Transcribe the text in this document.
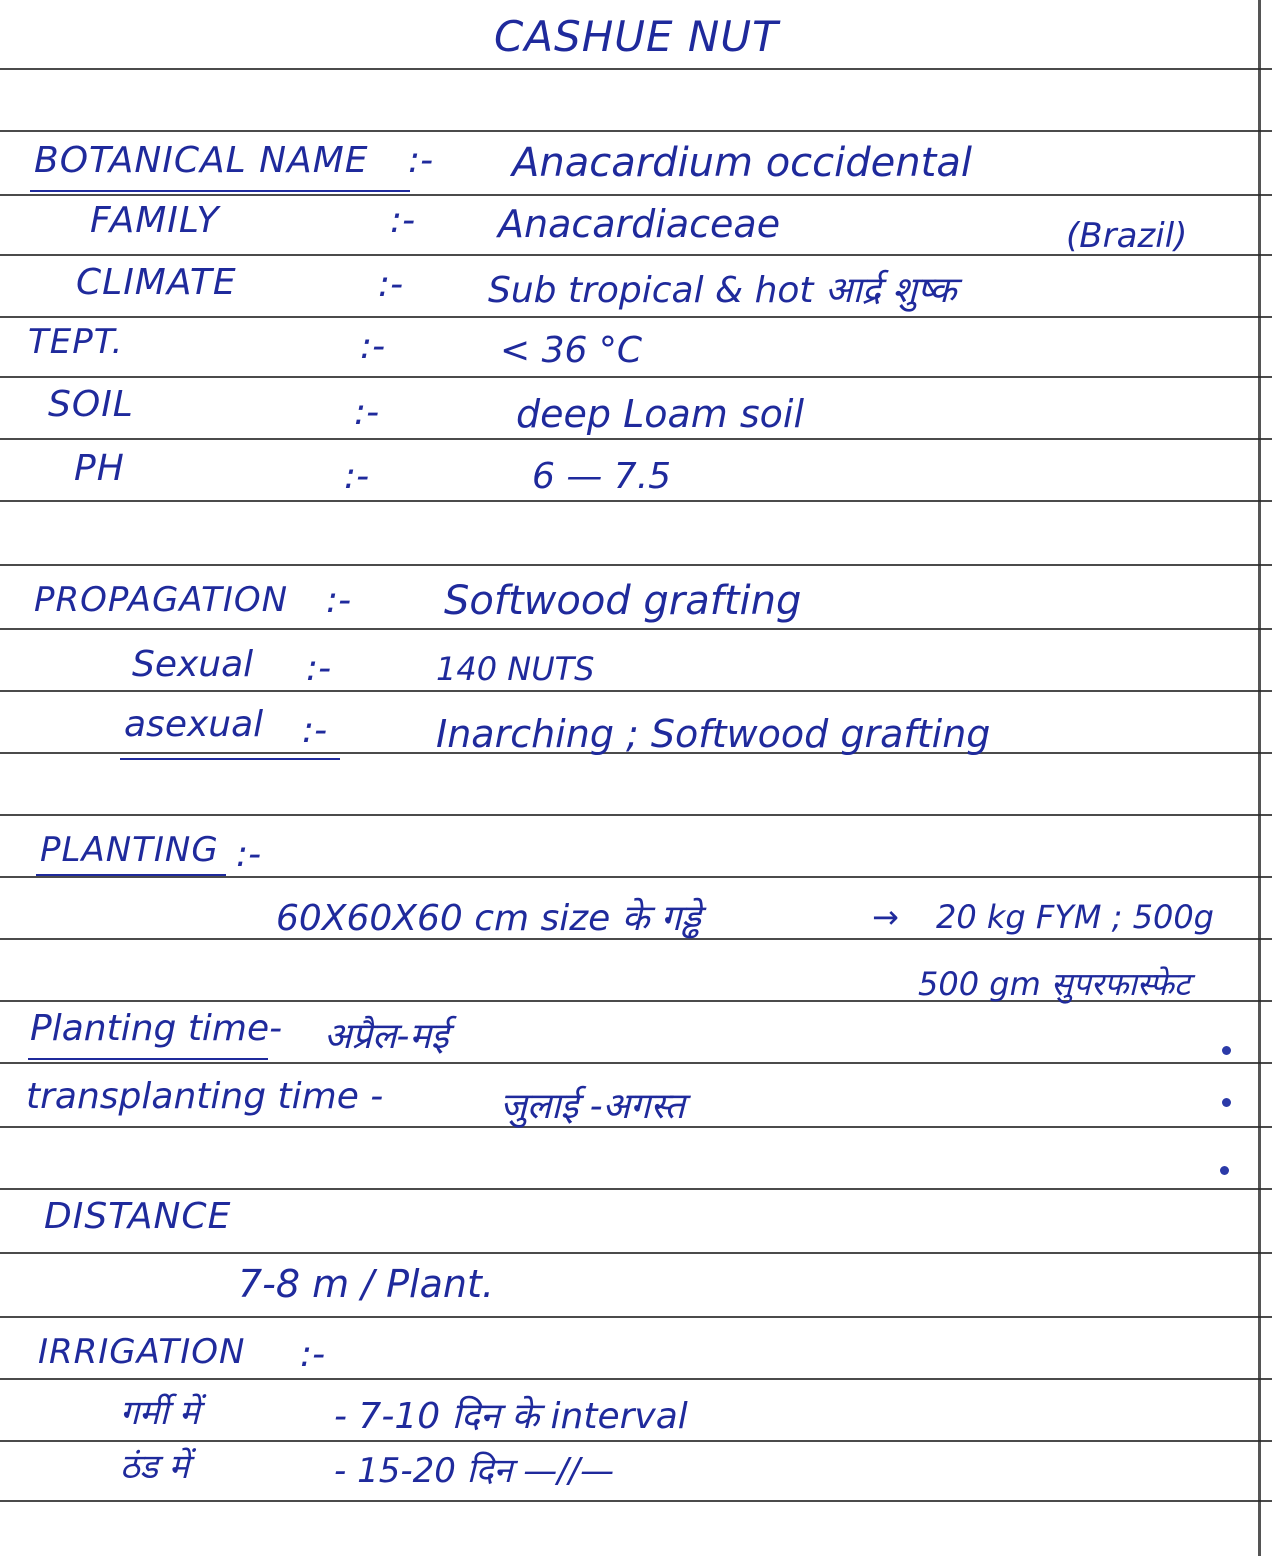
CASHUE NUT
BOTANICAL NAME :- Anacardium occidental
FAMILY	:- Anacardiaceae	(Brazil)
CLIMATE	:- Sub tropical & hot आर्द्र शुष्क
TEPT.	:-	< 36 °C
SOIL	:-	deep Loam soil
PH	:-	6 — 7.5
PROPAGATION :- Softwood grafting
Sexual :-	140 NUTS
asexual :-	Inarching ; Softwood grafting
PLANTING :-
60X60X60 cm size के गड्ढे	→ 20 kg FYM ; 500g
500 gm सुपरफास्फेट
Planting time- अप्रैल-मई
transplanting time -	जुलाई -अगस्त
DISTANCE
7-8 m / Plant.
IRRIGATION :-
गर्मी में	- 7-10 दिन के interval
ठंड में	- 15-20 दिन —//—
